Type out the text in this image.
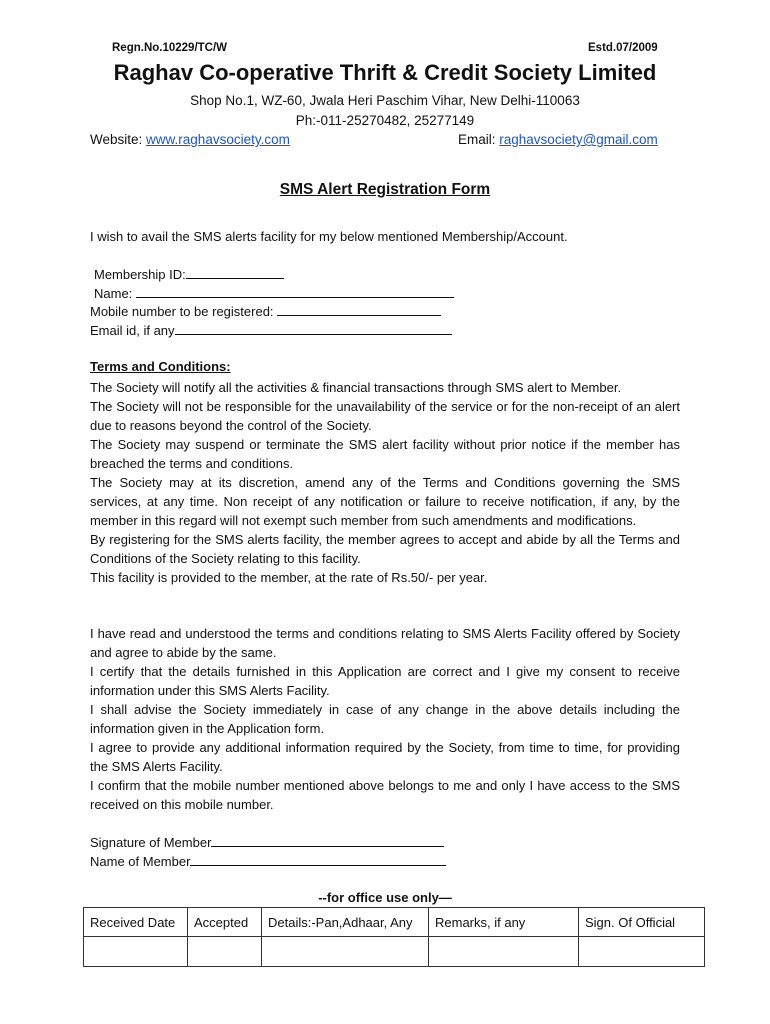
Regn.No.10229/TC/W	Estd.07/2009
Raghav Co-operative Thrift & Credit Society Limited
Shop No.1, WZ-60, Jwala Heri Paschim Vihar, New Delhi-110063
Ph:-011-25270482, 25277149
Website: www.raghavsociety.com	Email: raghavsociety@gmail.com
SMS Alert Registration Form
I wish to avail the SMS alerts facility for my below mentioned Membership/Account.
Membership ID:
Name:
Mobile number to be registered:
Email id, if any
Terms and Conditions:
The Society will notify all the activities & financial transactions through SMS alert to Member.
The Society will not be responsible for the unavailability of the service or for the non-receipt of an alert due to reasons beyond the control of the Society.
The Society may suspend or terminate the SMS alert facility without prior notice if the member has breached the terms and conditions.
The Society may at its discretion, amend any of the Terms and Conditions governing the SMS services, at any time. Non receipt of any notification or failure to receive notification, if any, by the member in this regard will not exempt such member from such amendments and modifications.
By registering for the SMS alerts facility, the member agrees to accept and abide by all the Terms and Conditions of the Society relating to this facility.
This facility is provided to the member, at the rate of Rs.50/- per year.
I have read and understood the terms and conditions relating to SMS Alerts Facility offered by Society and agree to abide by the same.
I certify that the details furnished in this Application are correct and I give my consent to receive information under this SMS Alerts Facility.
I shall advise the Society immediately in case of any change in the above details including the information given in the Application form.
I agree to provide any additional information required by the Society, from time to time, for providing the SMS Alerts Facility.
I confirm that the mobile number mentioned above belongs to me and only I have access to the SMS received on this mobile number.
Signature of Member
Name of Member
--for office use only—
Received Date	Accepted	Details:-Pan,Adhaar, Any	Remarks, if any	Sign. Of Official
